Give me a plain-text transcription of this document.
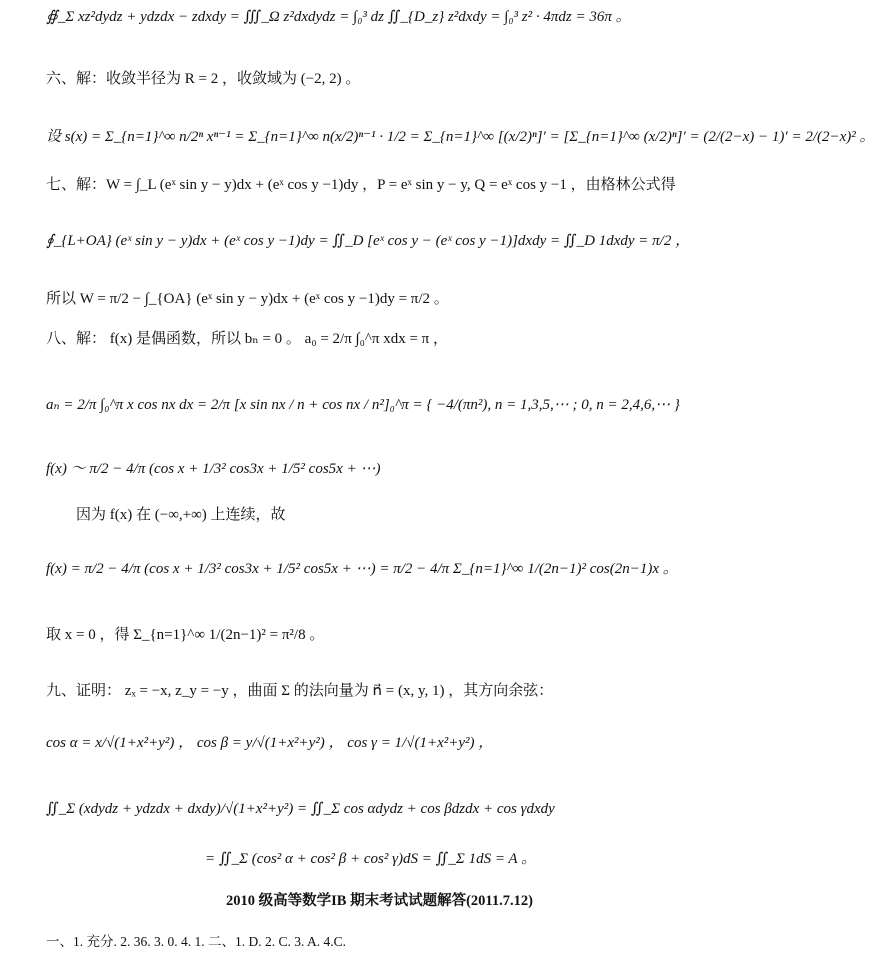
∯_Σ xz²dydz + ydzdx − zdxdy = ∭_Ω z²dxdydz = ∫₀³ dz ∬_{D_z} z²dxdy = ∫₀³ z² · 4πdz = 36π 。
六、解：收敛半径为 R = 2 ，收敛域为 (−2, 2) 。
设 s(x) = Σ_{n=1}^∞ n/2ⁿ xⁿ⁻¹ = Σ_{n=1}^∞ n(x/2)ⁿ⁻¹ · 1/2 = Σ_{n=1}^∞ [(x/2)ⁿ]′ = [Σ_{n=1}^∞ (x/2)ⁿ]′ = (2/(2−x) − 1)′ = 2/(2−x)² 。
七、解：W = ∫_L (eˣ sin y − y)dx + (eˣ cos y −1)dy ，P = eˣ sin y − y, Q = eˣ cos y −1 ，由格林公式得
∮_{L+OA} (eˣ sin y − y)dx + (eˣ cos y −1)dy = ∬_D [eˣ cos y − (eˣ cos y −1)]dxdy = ∬_D 1dxdy = π/2 ，
所以 W = π/2 − ∫_{OA} (eˣ sin y − y)dx + (eˣ cos y −1)dy = π/2 。
八、解： f(x) 是偶函数，所以 bₙ = 0 。 a₀ = 2/π ∫₀^π xdx = π ，
aₙ = 2/π ∫₀^π x cos nx dx = 2/π [x sin nx / n + cos nx / n²]₀^π = { −4/(πn²), n = 1,3,5,⋯ ; 0, n = 2,4,6,⋯ }
f(x) ～ π/2 − 4/π (cos x + 1/3² cos3x + 1/5² cos5x + ⋯)
因为 f(x) 在 (−∞,+∞) 上连续，故
f(x) = π/2 − 4/π (cos x + 1/3² cos3x + 1/5² cos5x + ⋯) = π/2 − 4/π Σ_{n=1}^∞ 1/(2n−1)² cos(2n−1)x 。
取 x = 0 ，得 Σ_{n=1}^∞ 1/(2n−1)² = π²/8 。
九、证明： zₓ = −x, z_y = −y ，曲面 Σ 的法向量为 n⃗ = (x, y, 1) ，其方向余弦：
cos α = x/√(1+x²+y²) ， cos β = y/√(1+x²+y²) ， cos γ = 1/√(1+x²+y²) ，
∬_Σ (xdydz + ydzdx + dxdy)/√(1+x²+y²) = ∬_Σ cos αdydz + cos βdzdx + cos γdxdy
= ∬_Σ (cos² α + cos² β + cos² γ)dS = ∬_Σ 1dS = A 。
2010 级高等数学IB 期末考试试题解答(2011.7.12)
一、1. 充分. 2. 36. 3. 0. 4. 1. 二、1. D. 2. C. 3. A. 4.C.
